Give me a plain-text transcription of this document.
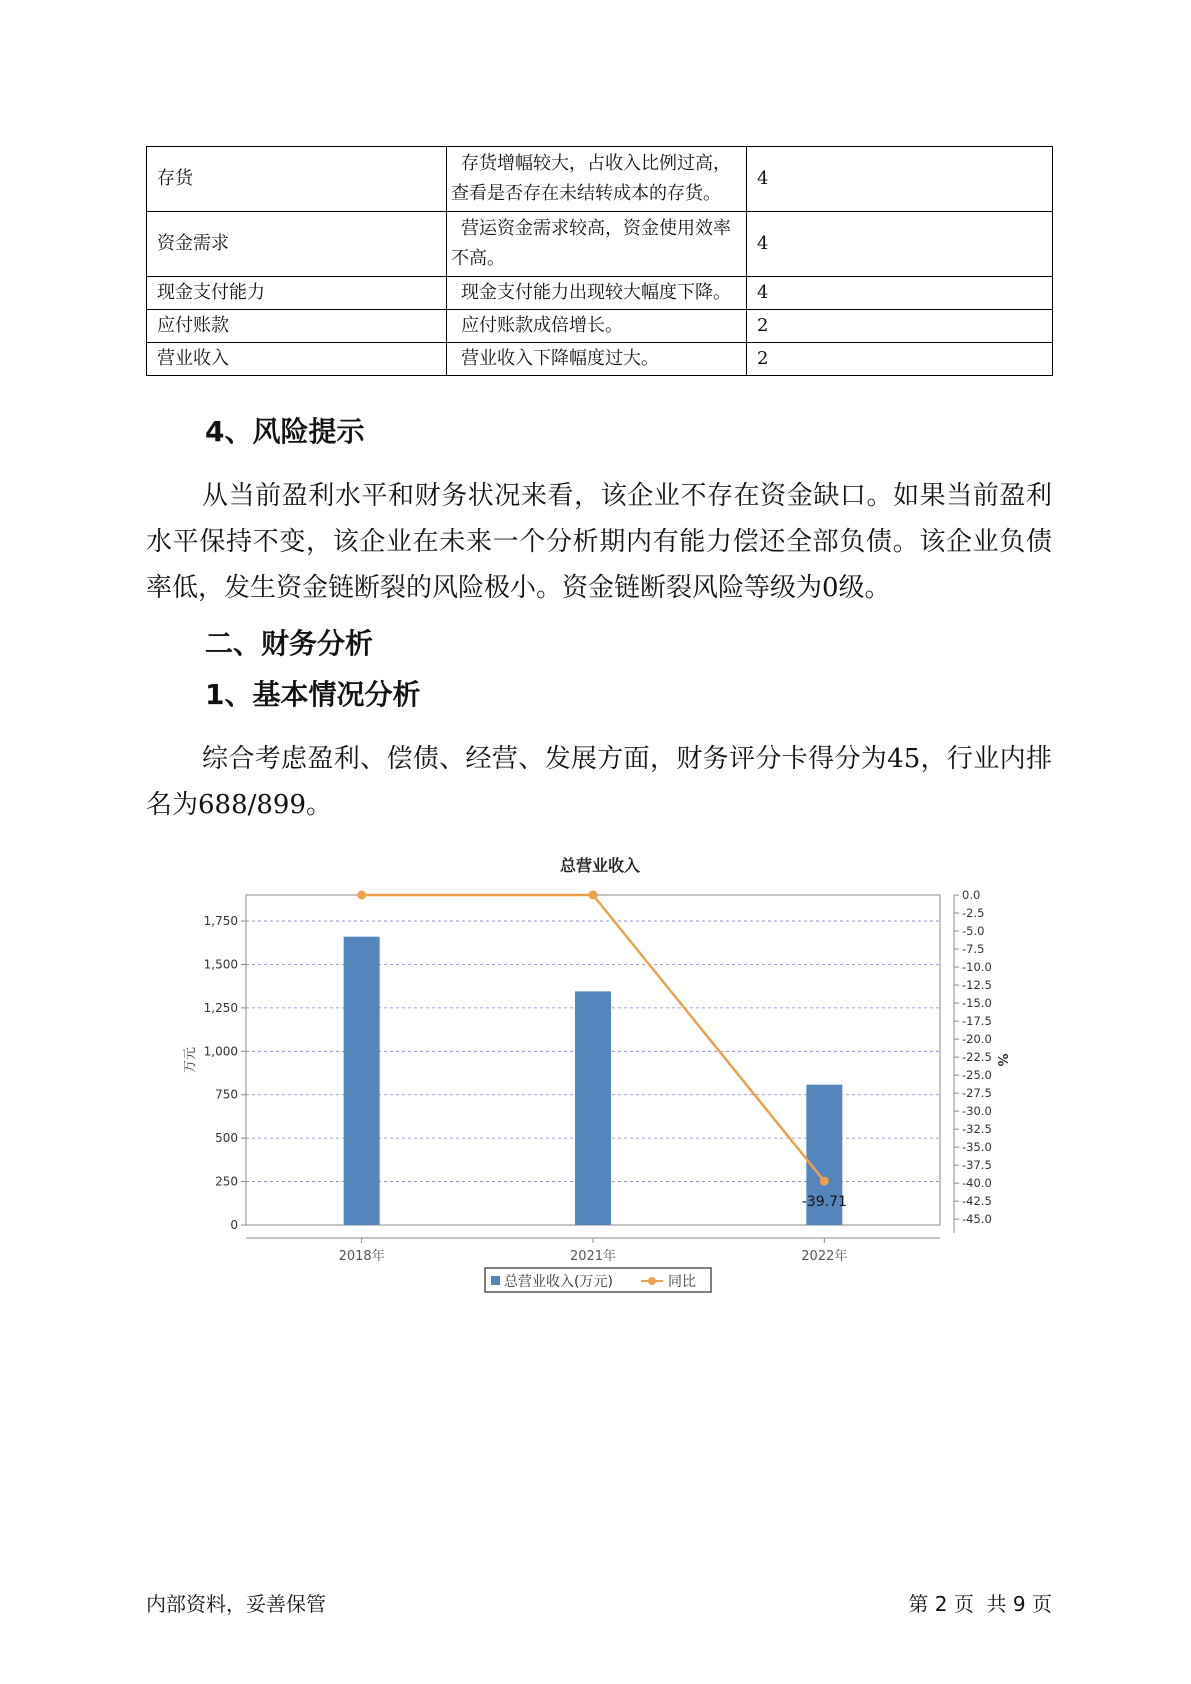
存货	存货增幅较大，占收入比例过高，查看是否存在未结转成本的存货。	4
资金需求	营运资金需求较高，资金使用效率不高。	4
现金支付能力	现金支付能力出现较大幅度下降。	4
应付账款	应付账款成倍增长。	2
营业收入	营业收入下降幅度过大。	2
4、风险提示

从当前盈利水平和财务状况来看，该企业不存在资金缺口。如果当前盈利水平保持不变，该企业在未来一个分析期内有能力偿还全部负债。该企业负债率低，发生资金链断裂的风险极小。资金链断裂风险等级为0级。

二、财务分析
1、基本情况分析

综合考虑盈利、偿债、经营、发展方面，财务评分卡得分为45，行业内排名为688/899。

总营业收入
0
250
500
750
1,000
1,250
1,500
1,750
0.0
-2.5
-5.0
-7.5
-10.0
-12.5
-15.0
-17.5
-20.0
-22.5
-25.0
-27.5
-30.0
-32.5
-35.0
-37.5
-40.0
-42.5
-45.0
2018年	2021年	2022年
-39.71
万元	%
总营业收入(万元)	同比
内部资料，妥善保管	第 2 页  共 9 页
